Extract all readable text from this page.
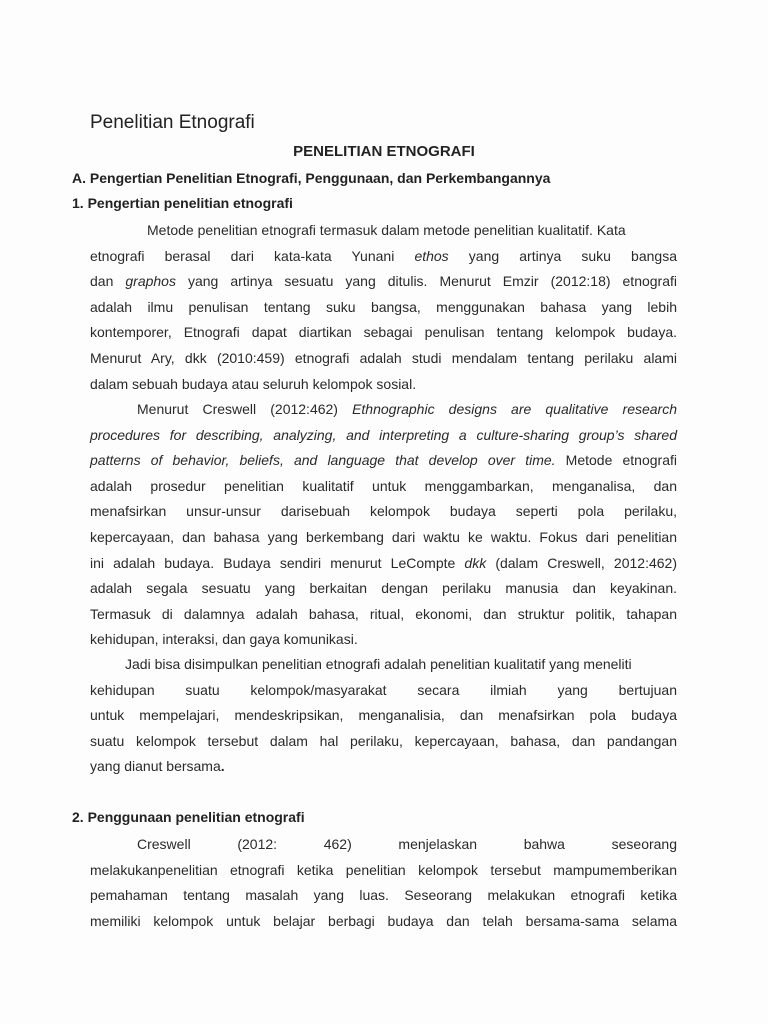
Penelitian Etnografi
PENELITIAN ETNOGRAFI
A. Pengertian Penelitian Etnografi, Penggunaan, dan Perkembangannya
1. Pengertian penelitian etnografi

Metode penelitian etnografi termasuk dalam metode penelitian kualitatif. Kata
etnografi berasal dari kata-kata Yunani ethos yang artinya suku bangsa
dan graphos yang artinya sesuatu yang ditulis. Menurut Emzir (2012:18) etnografi
adalah ilmu penulisan tentang suku bangsa, menggunakan bahasa yang lebih
kontemporer, Etnografi dapat diartikan sebagai penulisan tentang kelompok budaya.
Menurut Ary, dkk (2010:459) etnografi adalah studi mendalam tentang perilaku alami
dalam sebuah budaya atau seluruh kelompok sosial.

Menurut Creswell (2012:462) Ethnographic designs are qualitative research
procedures for describing, analyzing, and interpreting a culture-sharing group’s shared
patterns of behavior, beliefs, and language that develop over time. Metode etnografi
adalah prosedur penelitian kualitatif untuk menggambarkan, menganalisa, dan
menafsirkan unsur-unsur darisebuah kelompok budaya seperti pola perilaku,
kepercayaan, dan bahasa yang berkembang dari waktu ke waktu. Fokus dari penelitian
ini adalah budaya. Budaya sendiri menurut LeCompte dkk (dalam Creswell, 2012:462)
adalah segala sesuatu yang berkaitan dengan perilaku manusia dan keyakinan.
Termasuk di dalamnya adalah bahasa, ritual, ekonomi, dan struktur politik, tahapan
kehidupan, interaksi, dan gaya komunikasi.

Jadi bisa disimpulkan penelitian etnografi adalah penelitian kualitatif yang meneliti
kehidupan suatu kelompok/masyarakat secara ilmiah yang bertujuan
untuk mempelajari, mendeskripsikan, menganalisia, dan menafsirkan pola budaya
suatu kelompok tersebut dalam hal perilaku, kepercayaan, bahasa, dan pandangan
yang dianut bersama.

2. Penggunaan penelitian etnografi

Creswell (2012: 462) menjelaskan bahwa seseorang
melakukanpenelitian etnografi ketika penelitian kelompok tersebut mampumemberikan
pemahaman tentang masalah yang luas. Seseorang melakukan etnografi ketika
memiliki kelompok untuk belajar berbagi budaya dan telah bersama-sama selama
